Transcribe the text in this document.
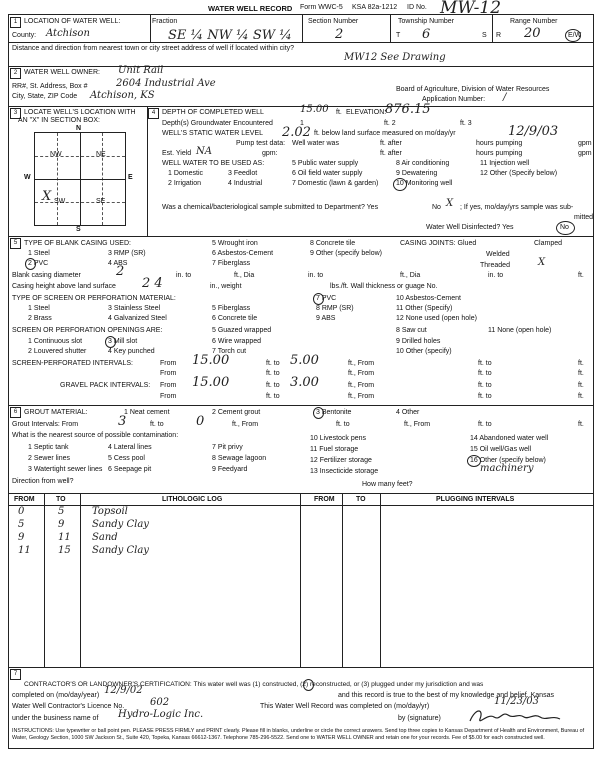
WATER WELL RECORD Form WWC-5 KSA 82a-1212 ID No. MW-12
1 LOCATION OF WATER WELL:
County: Atchison
Fraction
SE ¼ NW ¼ SW ¼
Section Number
2
Township Number
T 6	S
Range Number
R 20	E/W
Distance and direction from nearest town or city street address of well if located within city?
MW12 See Drawing
2 WATER WELL OWNER: Unit Rail
RR#, St. Address, Box #	2604 Industrial Ave
City, State, ZIP Code Atchison, KS
Board of Agriculture, Division of Water Resources
Application Number: /
3 LOCATE WELL'S LOCATION WITH
AN "X" IN SECTION BOX:
N
S
W	E
NW	NE
SW	SE
X
4 DEPTH OF COMPLETED WELL	15.00 ft. ELEVATION:
876.15
Depth(s) Groundwater Encountered	1	ft. 2	ft. 3
WELL'S STATIC WATER LEVEL 2.02 ft. below land surface measured on mo/day/yr	12/9/03
Pump test data: Well water was	ft. after	hours pumping	gpm
Est. Yield NA	gpm:	ft. after	hours pumping	gpm
WELL WATER TO BE USED AS:
1 Domestic	3 Feedlot
5 Public water supply	8 Air conditioning	11 Injection well
2 Irrigation	4 Industrial
6 Oil field water supply
7 Domestic (lawn & garden)
9 Dewatering
10 Monitoring well
12 Other (Specify below)
Was a chemical/bacteriological sample submitted to Department? Yes	No X ; If yes, mo/day/yrs sample was sub-
mitted
Water Well Disinfected? Yes	No
5 TYPE OF BLANK CASING USED:
1 Steel	3 RMP (SR)
5 Wrought iron	8 Concrete tile
9 Other (specify below)
2 PVC	4 ABS
6 Asbestos-Cement
7 Fiberglass
CASING JOINTS: Glued	Clamped
Welded
Threaded	X
Blank casing diameter	2	in. to	ft., Dia	in. to	ft., Dia	in. to	ft.
Casing height above land surface 2 4	in., weight	lbs./ft. Wall thickness or guage No.
TYPE OF SCREEN OR PERFORATION MATERIAL:
1 Steel	3 Stainless Steel	5 Fiberglass
7 PVC	10 Asbestos-Cement
2 Brass	4 Galvanized Steel	6 Concrete tile
8 RMP (SR)	11 Other (Specify)
9 ABS	12 None used (open hole)
SCREEN OR PERFORATION OPENINGS ARE:	5 Guazed wrapped	8 Saw cut	11 None (open hole)
1 Continuous slot	3 Mill slot	6 Wire wrapped	9 Drilled holes
2 Louvered shutter	4 Key punched	7 Torch cut	10 Other (specify)
SCREEN-PERFORATED INTERVALS:	From 15.00	ft. to 5.00	ft., From	ft. to	ft.
From	ft. to	ft., From	ft. to	ft.
GRAVEL PACK INTERVALS: From 15.00	ft. to 3.00	ft., From	ft. to	ft.
From	ft. to	ft., From	ft. to	ft.
6 GROUT MATERIAL:	1 Neat cement	2 Cement grout	3 Bentonite	4 Other
Grout Intervals: From	3	ft. to 0	ft., From	ft. to	ft., From	ft. to	ft.
What is the nearest source of possible contamination:
1 Septic tank	4 Lateral lines	7 Pit privy
10 Livestock pens	14 Abandoned water well
2 Sewer lines	5 Cess pool	8 Sewage lagoon
11 Fuel storage	15 Oil well/Gas well
3 Watertight sewer lines 6 Seepage pit	9 Feedyard
12 Fertilizer storage	16 Other (specify below)
13 Insecticide storage	machinery
Direction from well?	How many feet?
FROM	TO	LITHOLOGIC LOG	FROM	TO	PLUGGING INTERVALS
0	5	Topsoil
5	9	Sandy Clay
9	11 Sand
11	15 Sandy Clay
7
CONTRACTOR'S OR LANDOWNER'S CERTIFICATION: This water well was (1) constructed, (2) reconstructed, or (3) plugged under my jurisdiction and was
completed on (mo/day/year) 12/9/02	and this record is true to the best of my knowledge and belief. Kansas
Water Well Contractor's Licence No.	602	This Water Well Record was completed on (mo/day/yr)	11/23/03
under the business name of Hydro-Logic Inc.	by (signature)
INSTRUCTIONS: Use typewriter or ball point pen. PLEASE PRESS FIRMLY and PRINT clearly. Please fill in blanks, underline or circle the correct answers. Send top three copies to Kansas Department of Health and Environment, Bureau of Water, Geology Section, 1000 SW Jackson St., Suite 420, Topeka, Kansas 66612-1367. Telephone 785-296-5522. Send one to WATER WELL OWNER and retain one for your records. Fee of $5.00 for each constructed well.
